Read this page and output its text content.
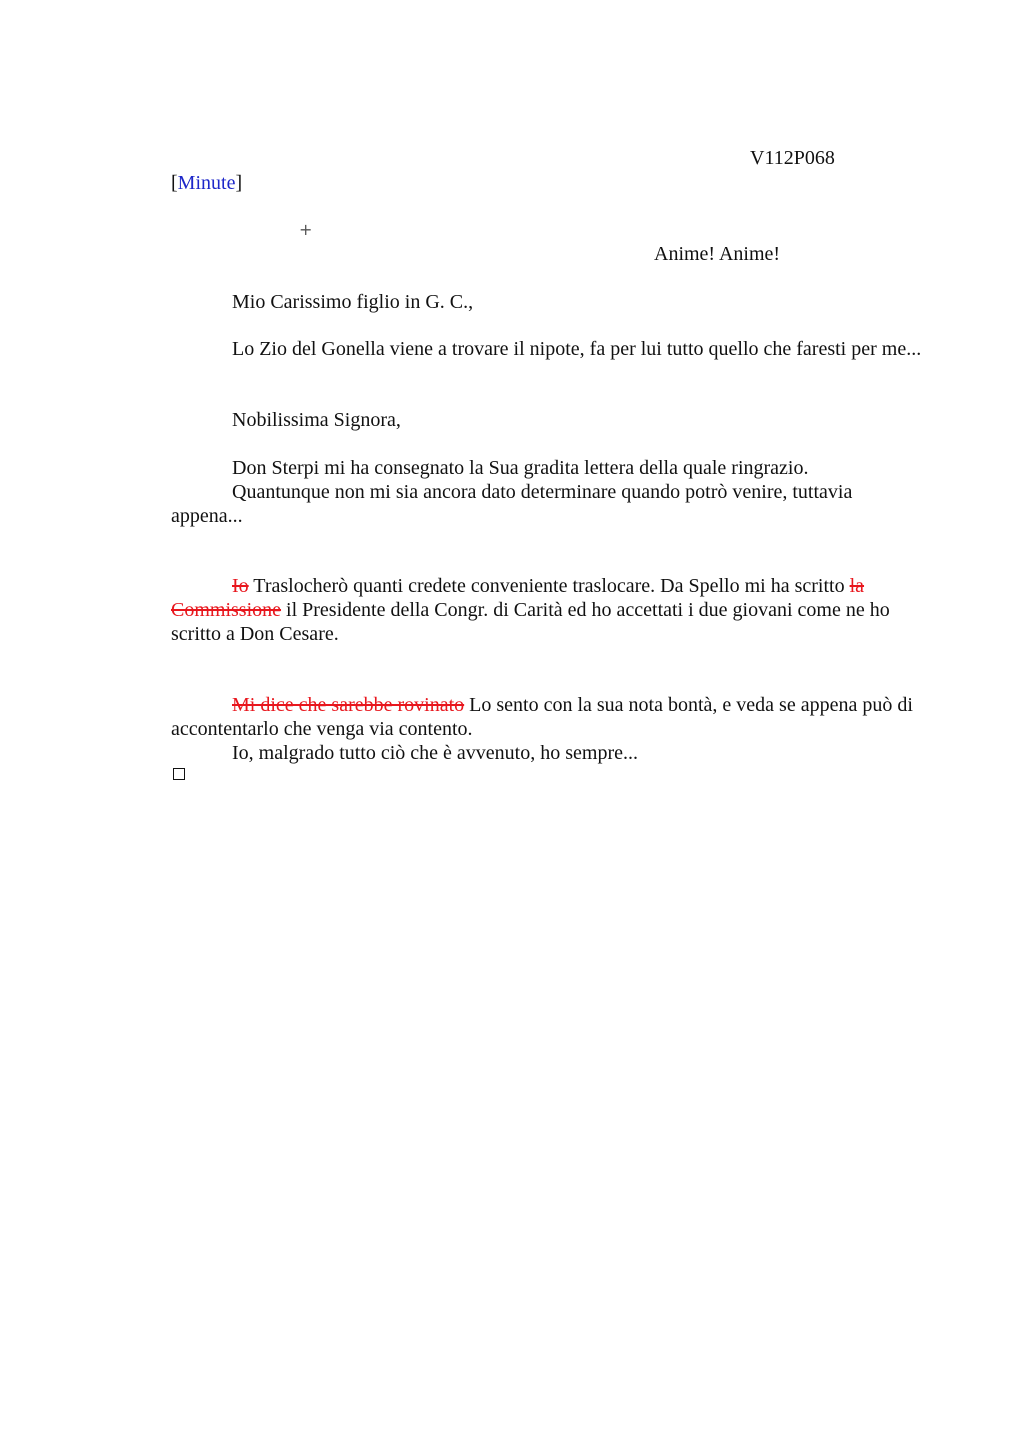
V112P068
[Minute]
+
Anime! Anime!
Mio Carissimo figlio in G. C.,
Lo Zio del Gonella viene a trovare il nipote, fa per lui tutto quello che faresti per me...
Nobilissima Signora,
Don Sterpi mi ha consegnato la Sua gradita lettera della quale ringrazio.
Quantunque non mi sia ancora dato determinare quando potrò venire, tuttavia appena...
Io Traslocherò quanti credete conveniente traslocare. Da Spello mi ha scritto la Commissione il Presidente della Congr. di Carità ed ho accettati i due giovani come ne ho scritto a Don Cesare.
Mi dice che sarebbe rovinato Lo sento con la sua nota bontà, e veda se appena può di accontentarlo che venga via contento.
Io, malgrado tutto ciò che è avvenuto, ho sempre...
